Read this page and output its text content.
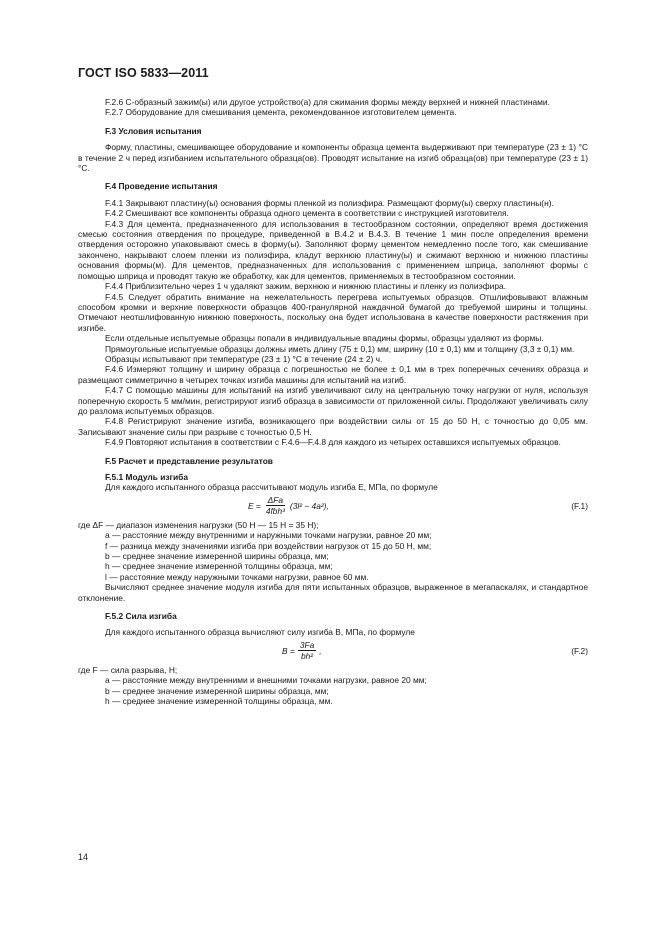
ГОСТ ISO 5833—2011

F.2.6 С-образный зажим(ы) или другое устройство(а) для сжимания формы между верхней и нижней пластинами.

F.2.7 Оборудование для смешивания цемента, рекомендованное изготовителем цемента.

F.3 Условия испытания

Форму, пластины, смешивающее оборудование и компоненты образца цемента выдерживают при температуре (23 ± 1) °С в течение 2 ч перед изгибанием испытательного образца(ов). Проводят испытание на изгиб образца(ов) при температуре (23 ± 1) °С.

F.4 Проведение испытания

F.4.1 Закрывают пластину(ы) основания формы пленкой из полиэфира. Размещают форму(ы) сверху пластины(н).

F.4.2 Смешивают все компоненты образца одного цемента в соответствии с инструкцией изготовителя.

F.4.3 Для цемента, предназначенного для использования в тестообразном состоянии, определяют время достижения смесью состояния отвердения по процедуре, приведенной в В.4.2 и В.4.3. В течение 1 мин после определения времени отвердения осторожно упаковывают смесь в форму(ы). Заполняют форму цементом немедленно после того, как смешивание закончено, накрывают слоем пленки из полиэфира, кладут верхнюю пластину(ы) и сжимают верхнюю и нижнюю пластины основания формы(м). Для цементов, предназначенных для использования с применением шприца, заполняют формы с помощью шприца и проводят такую же обработку, как для цементов, применяемых в тестообразном состоянии.

F.4.4 Приблизительно через 1 ч удаляют зажим, верхнюю и нижнюю пластины и пленку из полиэфира.

F.4.5 Следует обратить внимание на нежелательность перегрева испытуемых образцов. Отшлифовывают влажным способом кромки и верхние поверхности образцов 400-гранулярной наждачной бумагой до требуемой ширины и толщины. Отмечают неотшлифованную нижнюю поверхность, поскольку она будет использована в качестве поверхности растяжения при изгибе.

Если отдельные испытуемые образцы попали в индивидуальные впадины формы, образцы удаляют из формы.

Прямоугольные испытуемые образцы должны иметь длину (75 ± 0,1) мм, ширину (10 ± 0,1) мм и толщину (3,3 ± 0,1) мм.

Образцы испытывают при температуре (23 ± 1) °С в течение (24 ± 2) ч.

F.4.6 Измеряют толщину и ширину образца с погрешностью не более ± 0,1 мм в трех поперечных сечениях образца и размещают симметрично в четырех точках изгиба машины для испытаний на изгиб.

F.4.7 С помощью машины для испытаний на изгиб увеличивают силу на центральную точку нагрузки от нуля, используя поперечную скорость 5 мм/мин, регистрируют изгиб образца в зависимости от приложенной силы. Продолжают увеличивать силу до разлома испытуемых образцов.

F.4.8 Регистрируют значение изгиба, возникающего при воздействии силы от 15 до 50 Н, с точностью до 0,05 мм. Записывают значение силы при разрыве с точностью 0,5 Н.

F.4.9 Повторяют испытания в соответствии с F.4.6—F.4.8 для каждого из четырех оставшихся испытуемых образцов.

F.5 Расчет и представление результатов

F.5.1 Модуль изгиба

Для каждого испытанного образца рассчитывают модуль изгиба E, МПа, по формуле

$E = \frac{\text{ΔFa}}{\text{4fbh³}} (3l^2 - 4a^2)$,	(F.1)

где ΔF — диапазон изменения нагрузки (50 Н — 15 Н = 35 Н);

a — расстояние между внутренними и наружными точками нагрузки, равное 20 мм;

f — разница между значениями изгиба при воздействии нагрузок от 15 до 50 Н, мм;

b — среднее значение измеренной ширины образца, мм;

h — среднее значение измеренной толщины образца, мм;

l — расстояние между наружными точками нагрузки, равное 60 мм.

Вычисляют среднее значение модуля изгиба для пяти испытанных образцов, выраженное в мегапаскалях, и стандартное отклонение.

F.5.2 Сила изгиба

Для каждого испытанного образца вычисляют силу изгиба B, МПа, по формуле

$B = \frac{3Fa}{\text{bh²}}$ ,	(F.2)

где F — сила разрыва, Н;

a — расстояние между внутренними и внешними точками нагрузки, равное 20 мм;

b — среднее значение измеренной ширины образца, мм;

h — среднее значение измеренной толщины образца, мм.

14
